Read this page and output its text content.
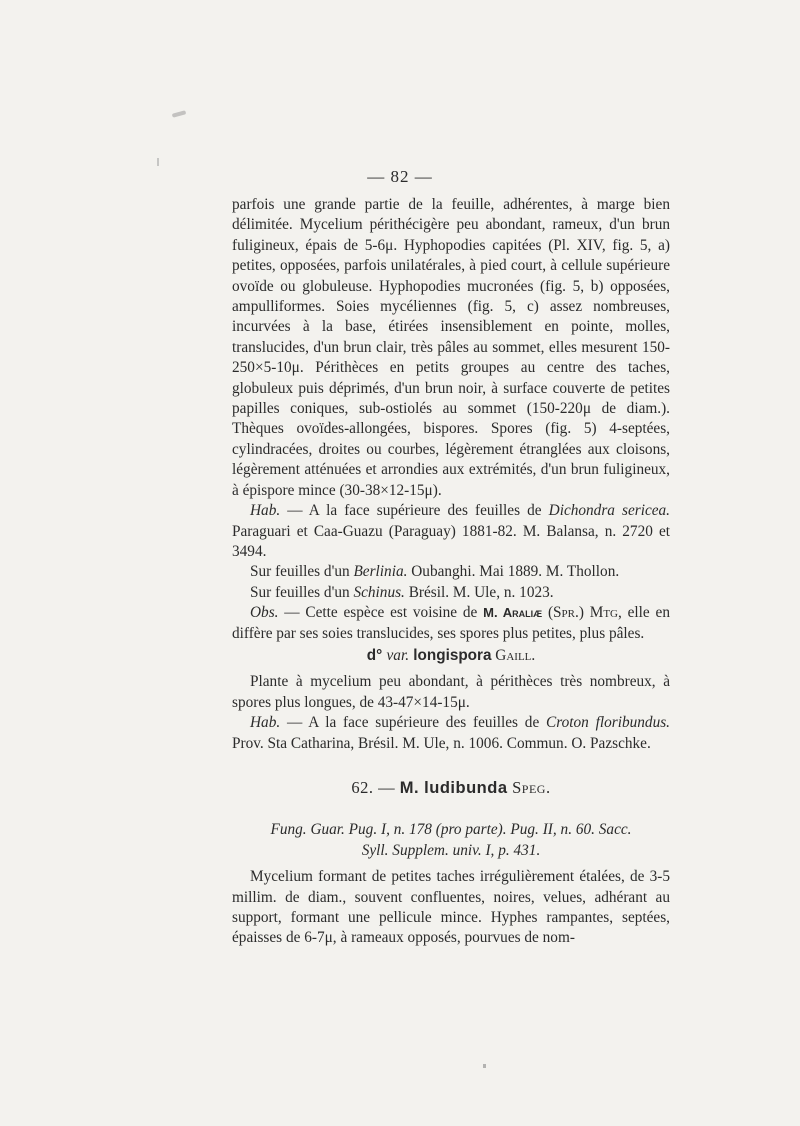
— 82 —

parfois une grande partie de la feuille, adhérentes, à marge bien délimitée. Mycelium périthécigère peu abondant, rameux, d'un brun fuligineux, épais de 5-6μ. Hyphopodies capitées (Pl. XIV, fig. 5, a) petites, opposées, parfois unilatérales, à pied court, à cellule supérieure ovoïde ou globuleuse. Hyphopodies mucronées (fig. 5, b) opposées, ampulliformes. Soies mycéliennes (fig. 5, c) assez nombreuses, incurvées à la base, étirées insensiblement en pointe, molles, translucides, d'un brun clair, très pâles au sommet, elles mesurent 150-250×5-10μ. Périthèces en petits groupes au centre des taches, globuleux puis déprimés, d'un brun noir, à surface couverte de petites papilles coniques, sub-ostiolés au sommet (150-220μ de diam.). Thèques ovoïdes-allongées, bispores. Spores (fig. 5) 4-septées, cylindracées, droites ou courbes, légèrement étranglées aux cloisons, légèrement atténuées et arrondies aux extrémités, d'un brun fuligineux, à épispore mince (30-38×12-15μ).

Hab. — A la face supérieure des feuilles de Dichondra sericea. Paraguari et Caa-Guazu (Paraguay) 1881-82. M. Balansa, n. 2720 et 3494.

Sur feuilles d'un Berlinia. Oubanghi. Mai 1889. M. Thollon.

Sur feuilles d'un Schinus. Brésil. M. Ule, n. 1023.

Obs. — Cette espèce est voisine de M. Araliæ (Spr.) Mtg, elle en diffère par ses soies translucides, ses spores plus petites, plus pâles.

d° var. longispora Gaill.

Plante à mycelium peu abondant, à périthèces très nombreux, à spores plus longues, de 43-47×14-15μ.

Hab. — A la face supérieure des feuilles de Croton floribundus. Prov. Sta Catharina, Brésil. M. Ule, n. 1006. Commun. O. Pazschke.

62. — M. ludibunda Speg.

Fung. Guar. Pug. I, n. 178 (pro parte). Pug. II, n. 60. Sacc.
Syll. Supplem. univ. I, p. 431.

Mycelium formant de petites taches irrégulièrement étalées, de 3-5 millim. de diam., souvent confluentes, noires, velues, adhérant au support, formant une pellicule mince. Hyphes rampantes, septées, épaisses de 6-7μ, à rameaux opposés, pourvues de nom-
